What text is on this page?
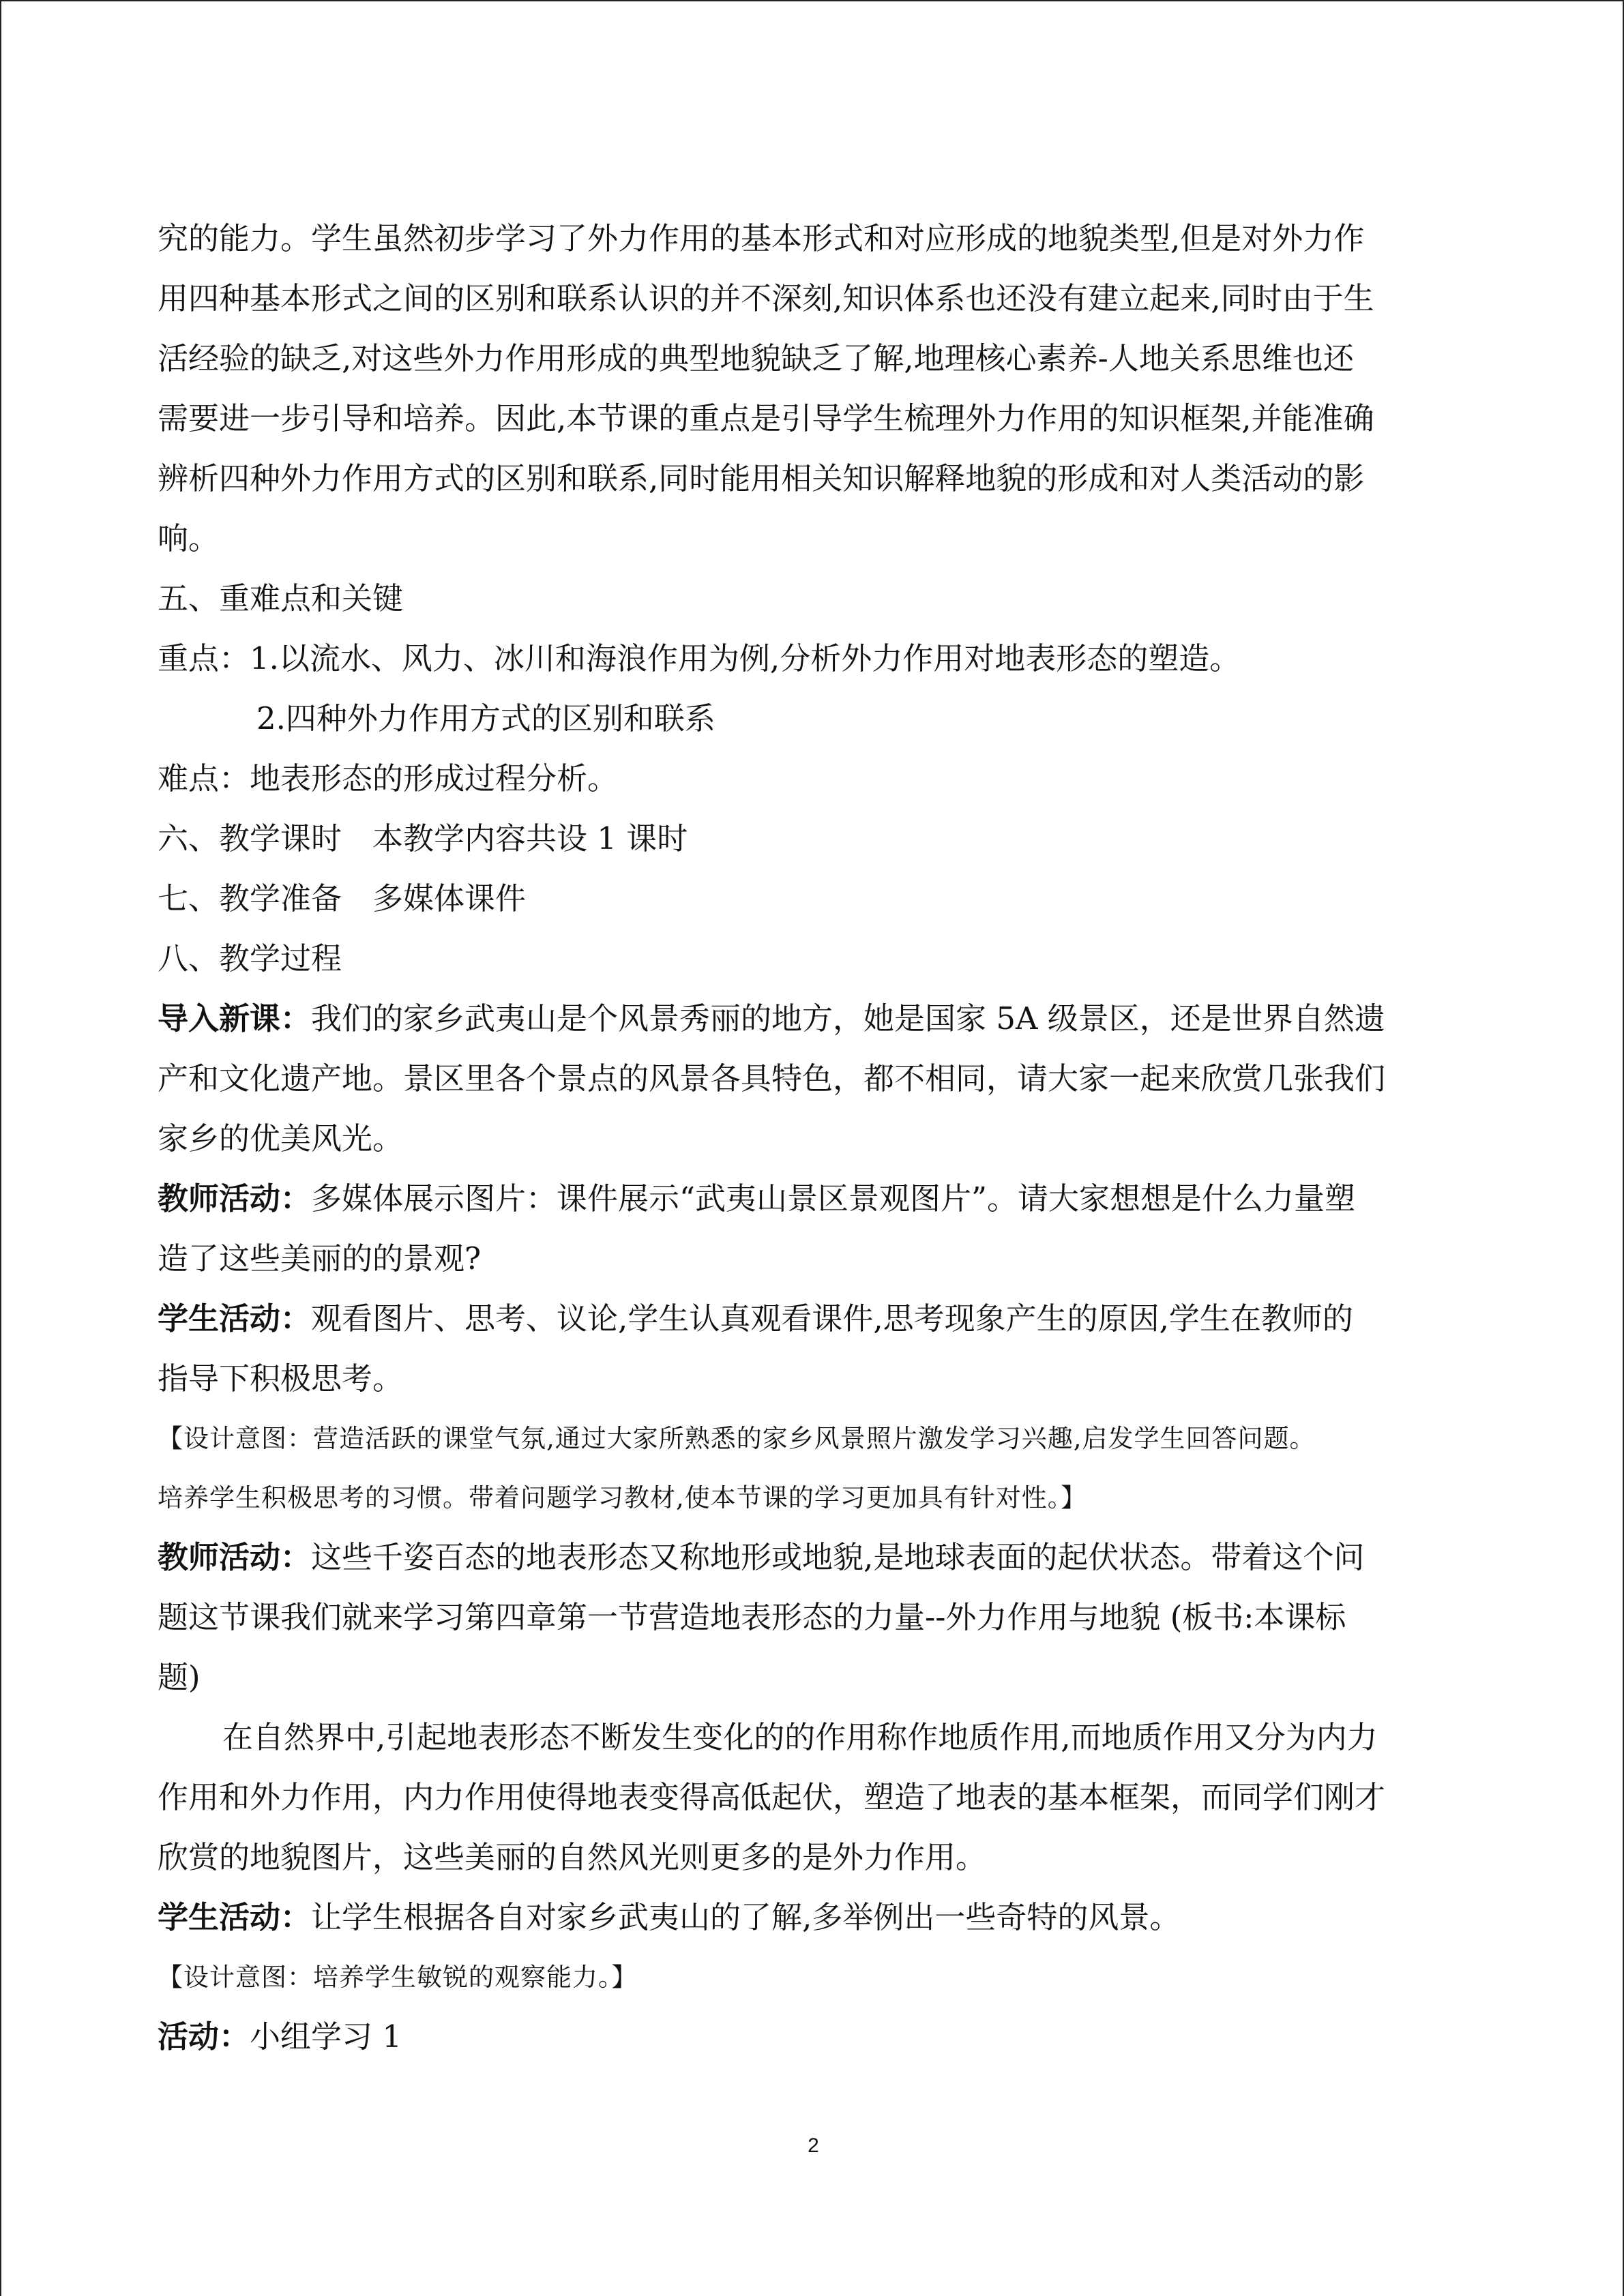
究的能力。学生虽然初步学习了外力作用的基本形式和对应形成的地貌类型,但是对外力作

用四种基本形式之间的区别和联系认识的并不深刻,知识体系也还没有建立起来,同时由于生

活经验的缺乏,对这些外力作用形成的典型地貌缺乏了解,地理核心素养-人地关系思维也还

需要进一步引导和培养。因此,本节课的重点是引导学生梳理外力作用的知识框架,并能准确

辨析四种外力作用方式的区别和联系,同时能用相关知识解释地貌的形成和对人类活动的影

响。

五、重难点和关键

重点：1.以流水、风力、冰川和海浪作用为例,分析外力作用对地表形态的塑造。

2.四种外力作用方式的区别和联系

难点：地表形态的形成过程分析。

六、教学课时　本教学内容共设 1 课时

七、教学准备　多媒体课件

八、教学过程

导入新课：我们的家乡武夷山是个风景秀丽的地方，她是国家 5A 级景区，还是世界自然遗

产和文化遗产地。景区里各个景点的风景各具特色，都不相同，请大家一起来欣赏几张我们

家乡的优美风光。

教师活动：多媒体展示图片：课件展示“武夷山景区景观图片”。请大家想想是什么力量塑

造了这些美丽的的景观?

学生活动：观看图片、思考、议论,学生认真观看课件,思考现象产生的原因,学生在教师的

指导下积极思考。

【设计意图：营造活跃的课堂气氛,通过大家所熟悉的家乡风景照片激发学习兴趣,启发学生回答问题。

培养学生积极思考的习惯。带着问题学习教材,使本节课的学习更加具有针对性。】

教师活动：这些千姿百态的地表形态又称地形或地貌,是地球表面的起伏状态。带着这个问

题这节课我们就来学习第四章第一节营造地表形态的力量--外力作用与地貌 (板书:本课标

题)

在自然界中,引起地表形态不断发生变化的的作用称作地质作用,而地质作用又分为内力

作用和外力作用，内力作用使得地表变得高低起伏，塑造了地表的基本框架，而同学们刚才

欣赏的地貌图片，这些美丽的自然风光则更多的是外力作用。

学生活动：让学生根据各自对家乡武夷山的了解,多举例出一些奇特的风景。

【设计意图：培养学生敏锐的观察能力。】

活动：小组学习 1

2
